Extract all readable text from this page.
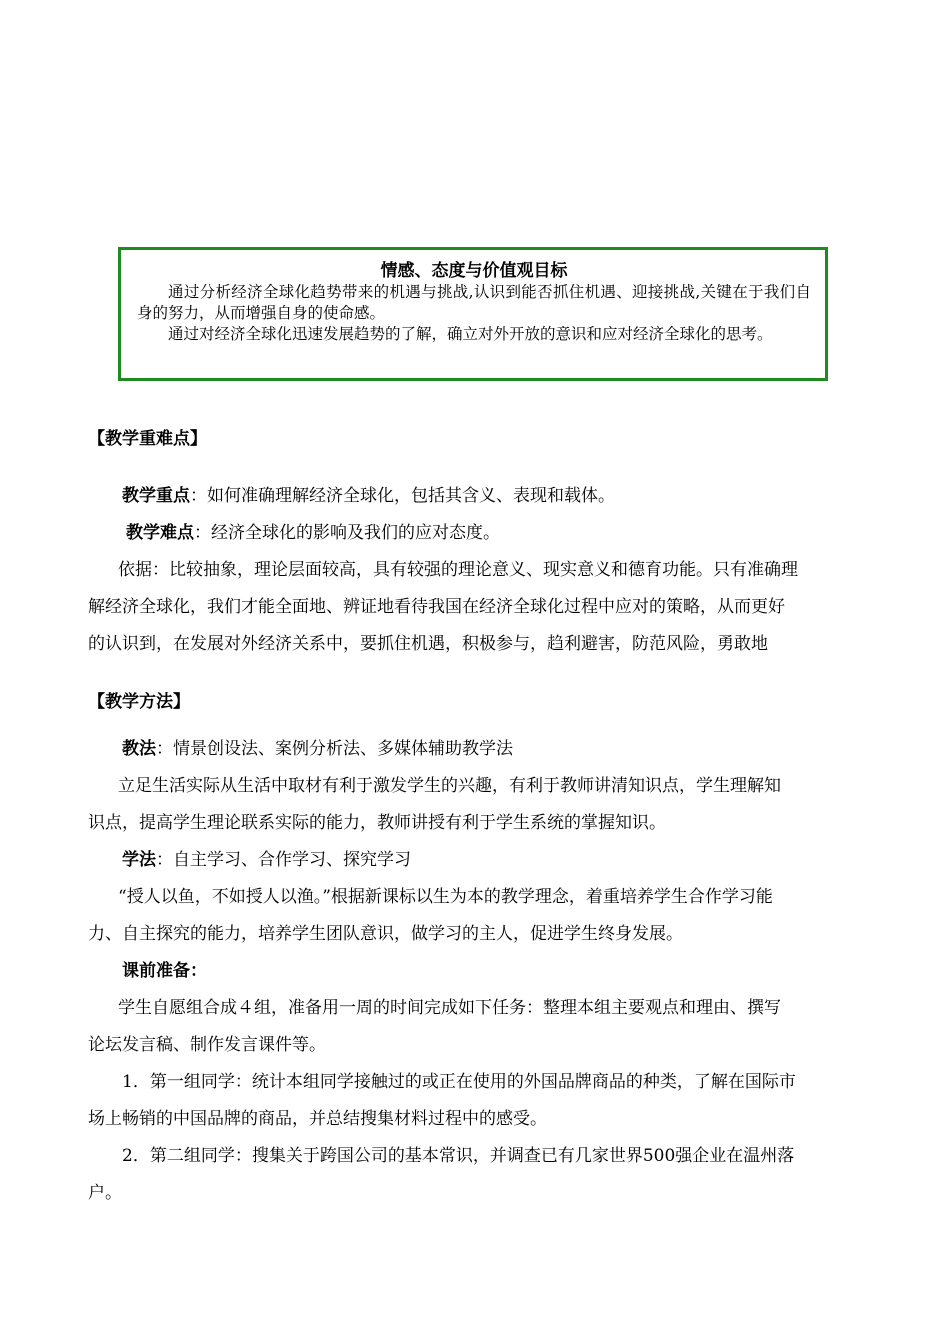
情感、态度与价值观目标

通过分析经济全球化趋势带来的机遇与挑战,认识到能否抓住机遇、迎接挑战,关键在于我们自身的努力，从而增强自身的使命感。

通过对经济全球化迅速发展趋势的了解，确立对外开放的意识和应对经济全球化的思考。

【教学重难点】
教学重点：如何准确理解经济全球化，包括其含义、表现和载体。
教学难点：经济全球化的影响及我们的应对态度。
依据：比较抽象，理论层面较高，具有较强的理论意义、现实意义和德育功能。只有准确理
解经济全球化，我们才能全面地、辨证地看待我国在经济全球化过程中应对的策略，从而更好
的认识到，在发展对外经济关系中，要抓住机遇，积极参与，趋利避害，防范风险，勇敢地
【教学方法】
教法：情景创设法、案例分析法、多媒体辅助教学法
立足生活实际从生活中取材有利于激发学生的兴趣，有利于教师讲清知识点，学生理解知
识点，提高学生理论联系实际的能力，教师讲授有利于学生系统的掌握知识。
学法：自主学习、合作学习、探究学习
“授人以鱼，不如授人以渔。”根据新课标以生为本的教学理念，着重培养学生合作学习能
力、自主探究的能力，培养学生团队意识，做学习的主人，促进学生终身发展。
课前准备：
学生自愿组合成４组，准备用一周的时间完成如下任务：整理本组主要观点和理由、撰写
论坛发言稿、制作发言课件等。
1．第一组同学：统计本组同学接触过的或正在使用的外国品牌商品的种类，了解在国际市
场上畅销的中国品牌的商品，并总结搜集材料过程中的感受。
2．第二组同学：搜集关于跨国公司的基本常识，并调查已有几家世界500强企业在温州落
户。
